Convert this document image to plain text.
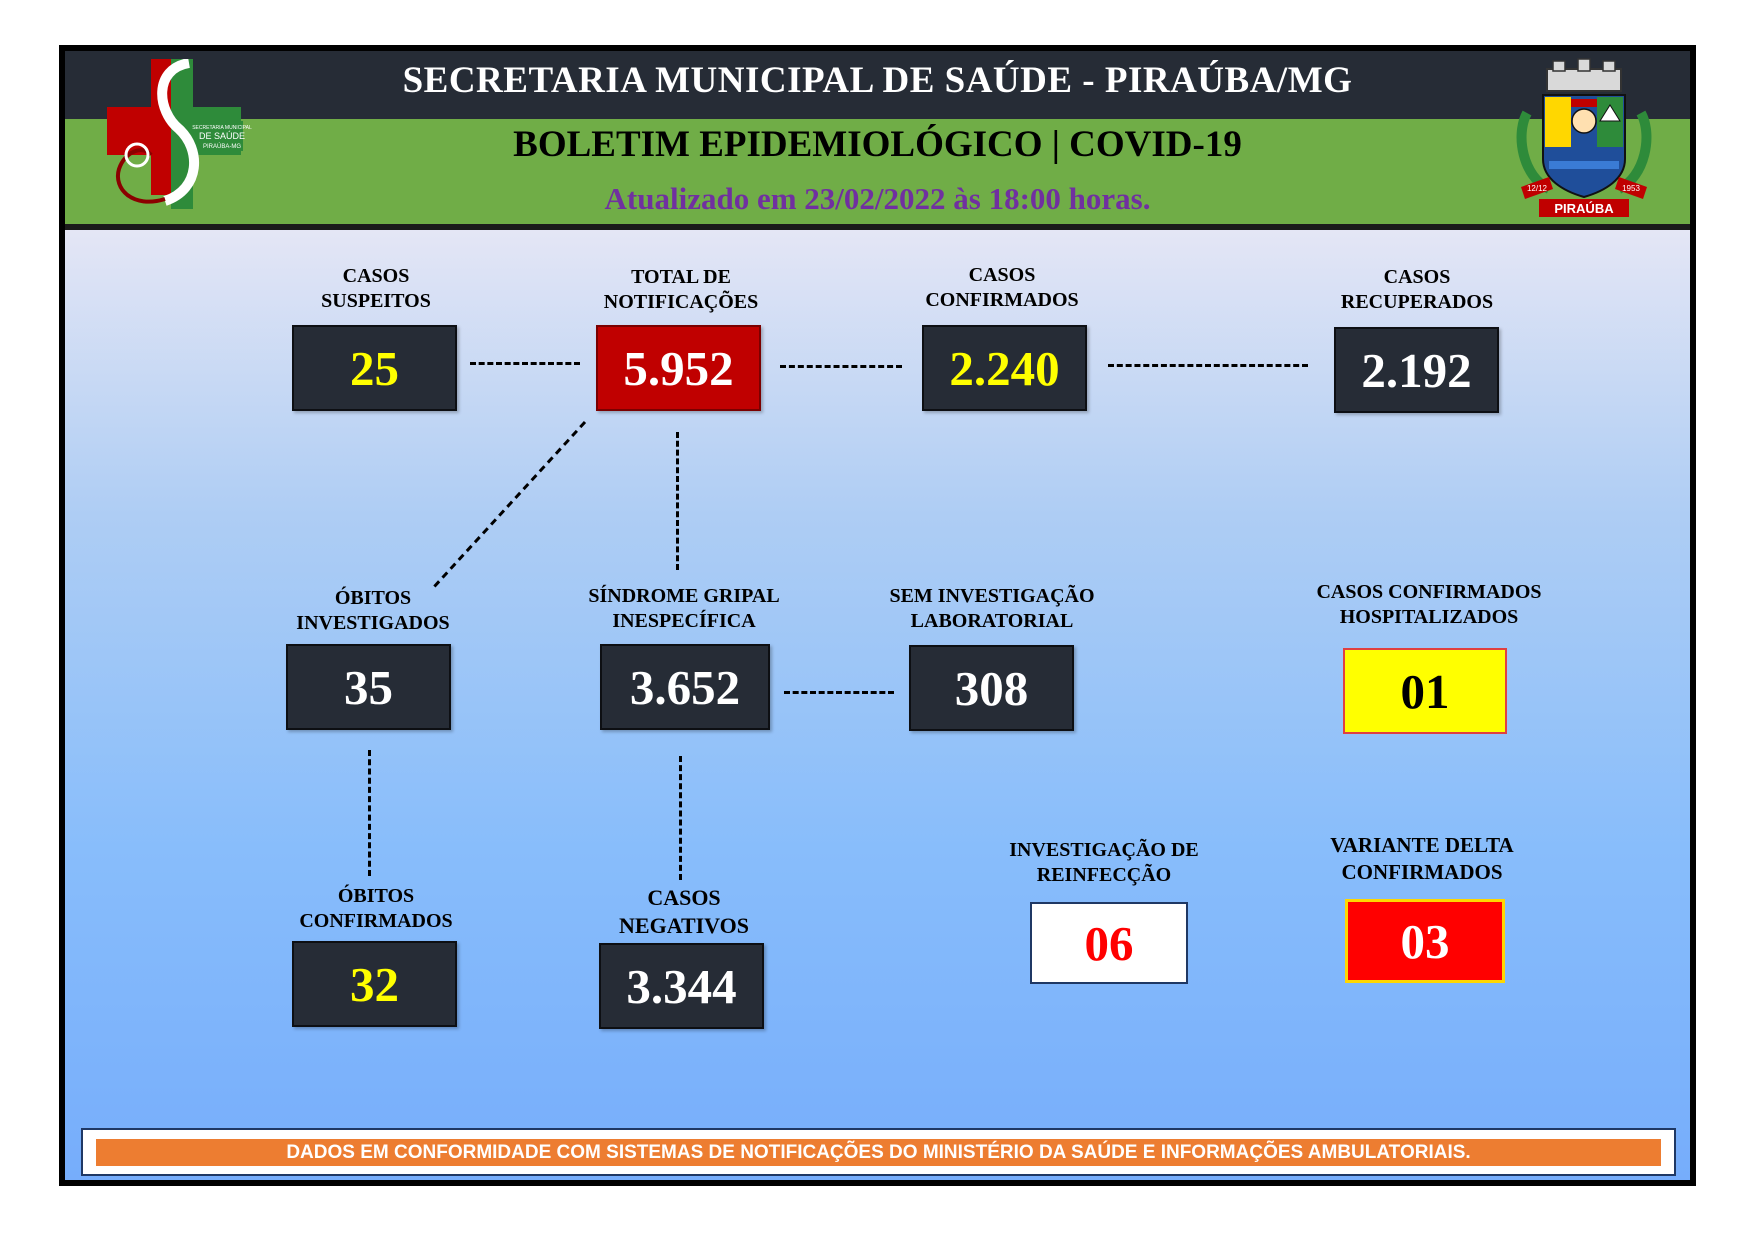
SECRETARIA MUNICIPAL DE SAÚDE - PIRAÚBA/MG
BOLETIM EPIDEMIOLÓGICO | COVID-19
Atualizado em 23/02/2022 às 18:00 horas.
SECRETARIA MUNICIPAL
DE SAÚDE
PIRAÚBA-MG
12/12	1953
PIRAÚBA
CASOS
SUSPEITOS
25
TOTAL DE
NOTIFICAÇÕES
5.952
CASOS
CONFIRMADOS
2.240
CASOS
RECUPERADOS
2.192
ÓBITOS
INVESTIGADOS
35
SÍNDROME GRIPAL
INESPECÍFICA
3.652
SEM INVESTIGAÇÃO
LABORATORIAL
308
CASOS CONFIRMADOS
HOSPITALIZADOS
01
ÓBITOS
CONFIRMADOS
32
CASOS
NEGATIVOS
3.344
INVESTIGAÇÃO DE
REINFECÇÃO
06
VARIANTE DELTA
CONFIRMADOS
03
DADOS EM CONFORMIDADE COM SISTEMAS DE NOTIFICAÇÕES DO MINISTÉRIO DA SAÚDE E INFORMAÇÕES AMBULATORIAIS.
